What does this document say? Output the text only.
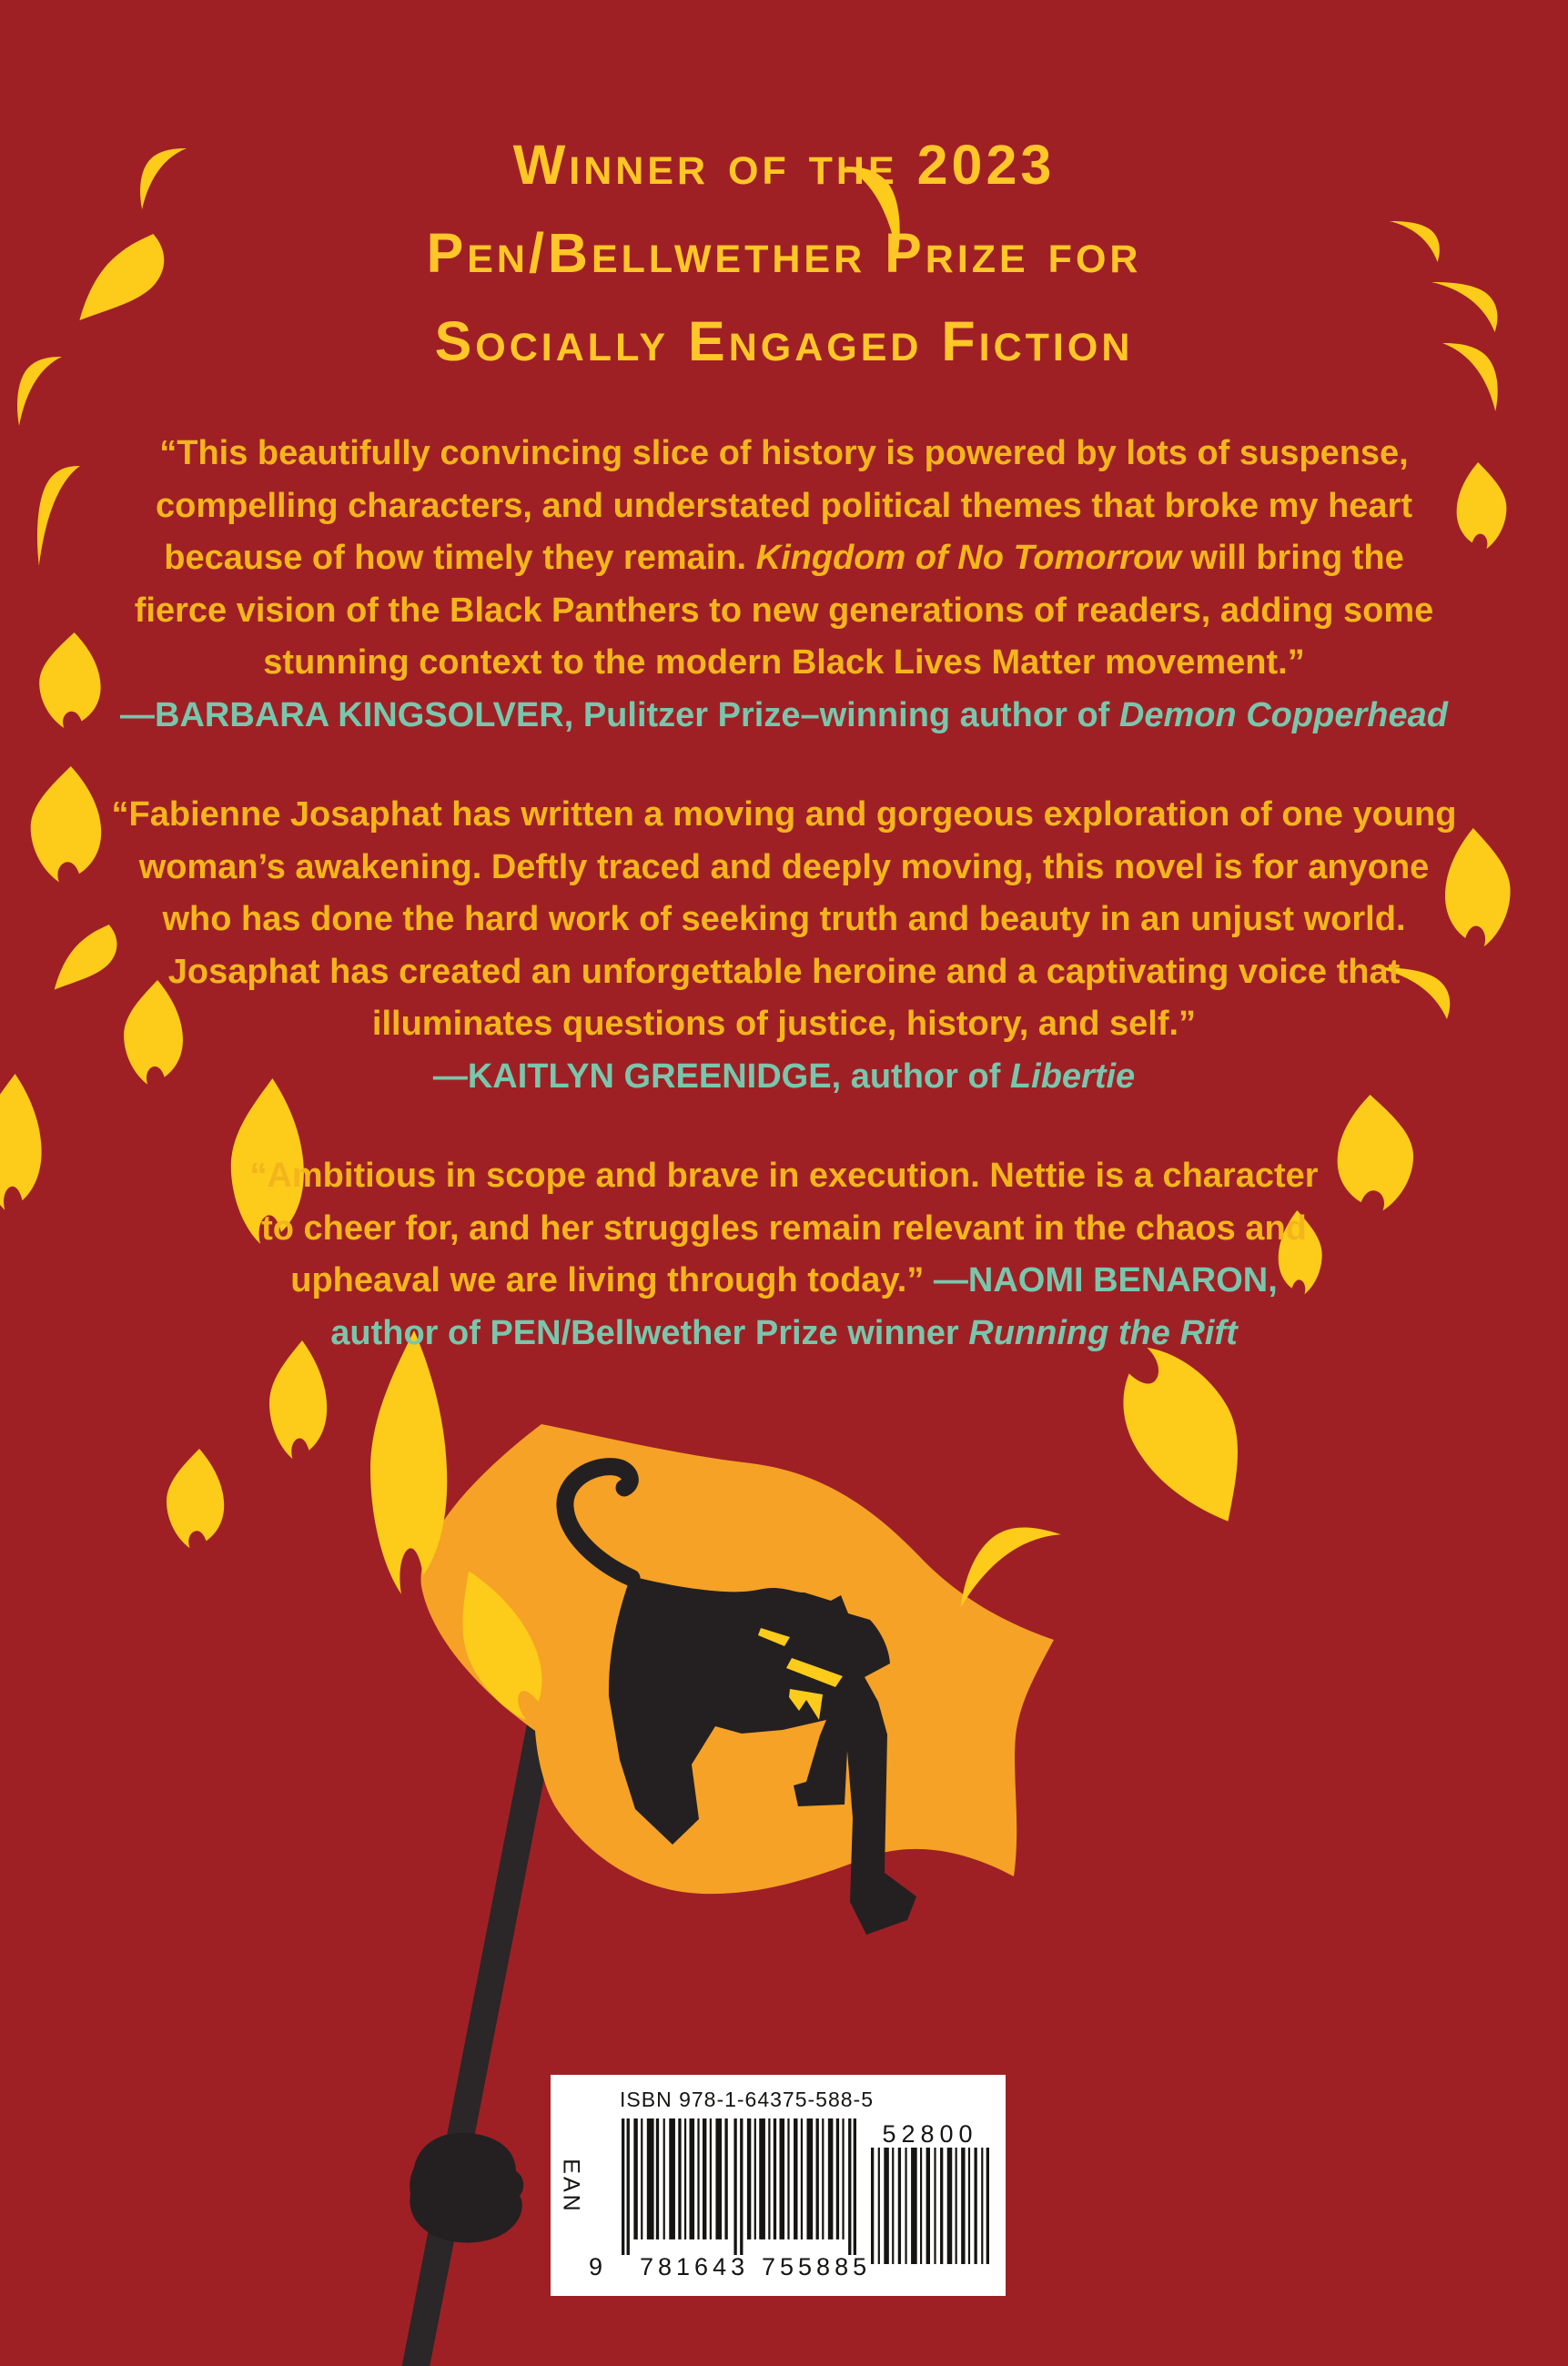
Winner of the 2023
Pen/Bellwether Prize for
Socially Engaged Fiction
“This beautifully convincing slice of history is powered by lots of suspense,
compelling characters, and understated political themes that broke my heart
because of how timely they remain. Kingdom of No Tomorrow will bring the
fierce vision of the Black Panthers to new generations of readers, adding some
stunning context to the modern Black Lives Matter movement.”
—BARBARA KINGSOLVER, Pulitzer Prize–winning author of Demon Copperhead
“Fabienne Josaphat has written a moving and gorgeous exploration of one young
woman’s awakening. Deftly traced and deeply moving, this novel is for anyone
who has done the hard work of seeking truth and beauty in an unjust world.
Josaphat has created an unforgettable heroine and a captivating voice that
illuminates questions of justice, history, and self.”
—KAITLYN GREENIDGE, author of Libertie
“Ambitious in scope and brave in execution. Nettie is a character
to cheer for, and her struggles remain relevant in the chaos and
upheaval we are living through today.” —NAOMI BENARON,
author of PEN/Bellwether Prize winner Running the Rift
ISBN 978-1-64375-588-5
EAN
9 781643 755885
52800
